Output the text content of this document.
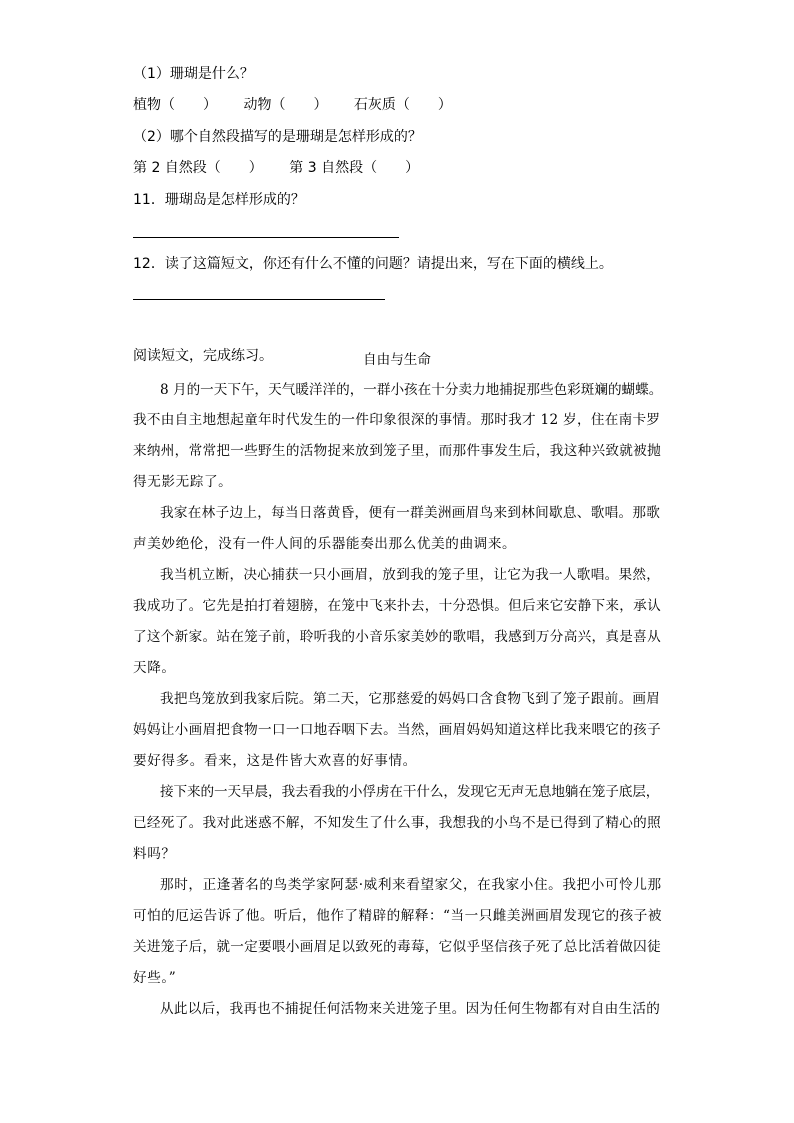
（1）珊瑚是什么？
植物（　　） 动物（　　） 石灰质（　　）
（2）哪个自然段描写的是珊瑚是怎样形成的？
第 2 自然段（　　） 第 3 自然段（　　）
11．珊瑚岛是怎样形成的？
12．读了这篇短文，你还有什么不懂的问题？请提出来，写在下面的横线上。
阅读短文，完成练习。	自由与生命
8 月的一天下午，天气暖洋洋的，一群小孩在十分卖力地捕捉那些色彩斑斓的蝴蝶。
我不由自主地想起童年时代发生的一件印象很深的事情。那时我才 12 岁，住在南卡罗
来纳州，常常把一些野生的活物捉来放到笼子里，而那件事发生后，我这种兴致就被抛
得无影无踪了。
我家在林子边上，每当日落黄昏，便有一群美洲画眉鸟来到林间歇息、歌唱。那歌
声美妙绝伦，没有一件人间的乐器能奏出那么优美的曲调来。
我当机立断，决心捕获一只小画眉，放到我的笼子里，让它为我一人歌唱。果然，
我成功了。它先是拍打着翅膀，在笼中飞来扑去，十分恐惧。但后来它安静下来，承认
了这个新家。站在笼子前，聆听我的小音乐家美妙的歌唱，我感到万分高兴，真是喜从
天降。
我把鸟笼放到我家后院。第二天，它那慈爱的妈妈口含食物飞到了笼子跟前。画眉
妈妈让小画眉把食物一口一口地吞咽下去。当然，画眉妈妈知道这样比我来喂它的孩子
要好得多。看来，这是件皆大欢喜的好事情。
接下来的一天早晨，我去看我的小俘虏在干什么，发现它无声无息地躺在笼子底层，
已经死了。我对此迷惑不解，不知发生了什么事，我想我的小鸟不是已得到了精心的照
料吗？
那时，正逢著名的鸟类学家阿瑟·威利来看望家父，在我家小住。我把小可怜儿那
可怕的厄运告诉了他。听后，他作了精辟的解释：“当一只雌美洲画眉发现它的孩子被
关进笼子后，就一定要喂小画眉足以致死的毒莓，它似乎坚信孩子死了总比活着做囚徒
好些。”
从此以后，我再也不捕捉任何活物来关进笼子里。因为任何生物都有对自由生活的
